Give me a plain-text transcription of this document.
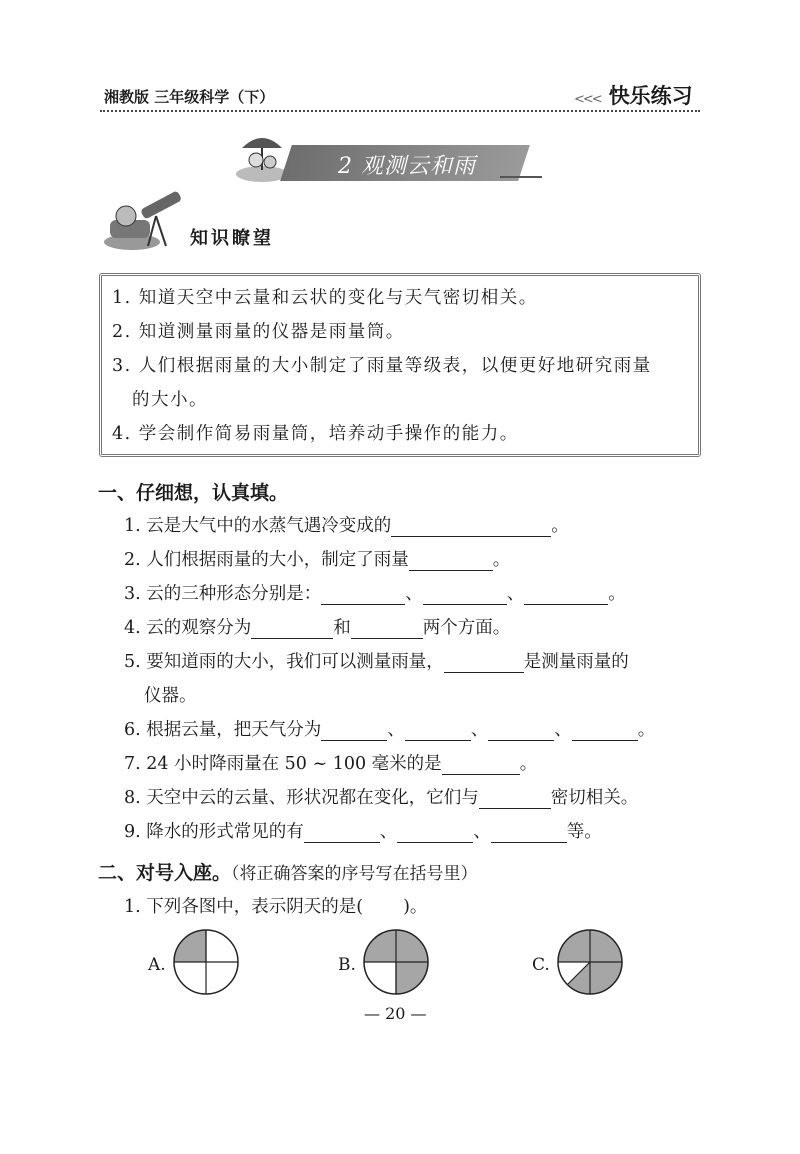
湘教版 三年级科学（下）	<<< 快乐练习
2 观测云和雨
知识瞭望
1. 知道天空中云量和云状的变化与天气密切相关。
2. 知道测量雨量的仪器是雨量筒。
3. 人们根据雨量的大小制定了雨量等级表，以便更好地研究雨量
的大小。
4. 学会制作简易雨量筒，培养动手操作的能力。
一、仔细想，认真填。
1. 云是大气中的水蒸气遇冷变成的	。
2. 人们根据雨量的大小，制定了雨量	。
3. 云的三种形态分别是：	、	、	。
4. 云的观察分为	和	两个方面。
5. 要知道雨的大小，我们可以测量雨量，	是测量雨量的
仪器。
6. 根据云量，把天气分为	、	、	、	。
7. 24 小时降雨量在 50 ~ 100 毫米的是	。
8. 天空中云的云量、形状况都在变化，它们与	密切相关。
9. 降水的形式常见的有	、	、	等。
二、对号入座。（将正确答案的序号写在括号里）
1. 下列各图中，表示阴天的是( )。
A.	B.	C.
— 20 —
